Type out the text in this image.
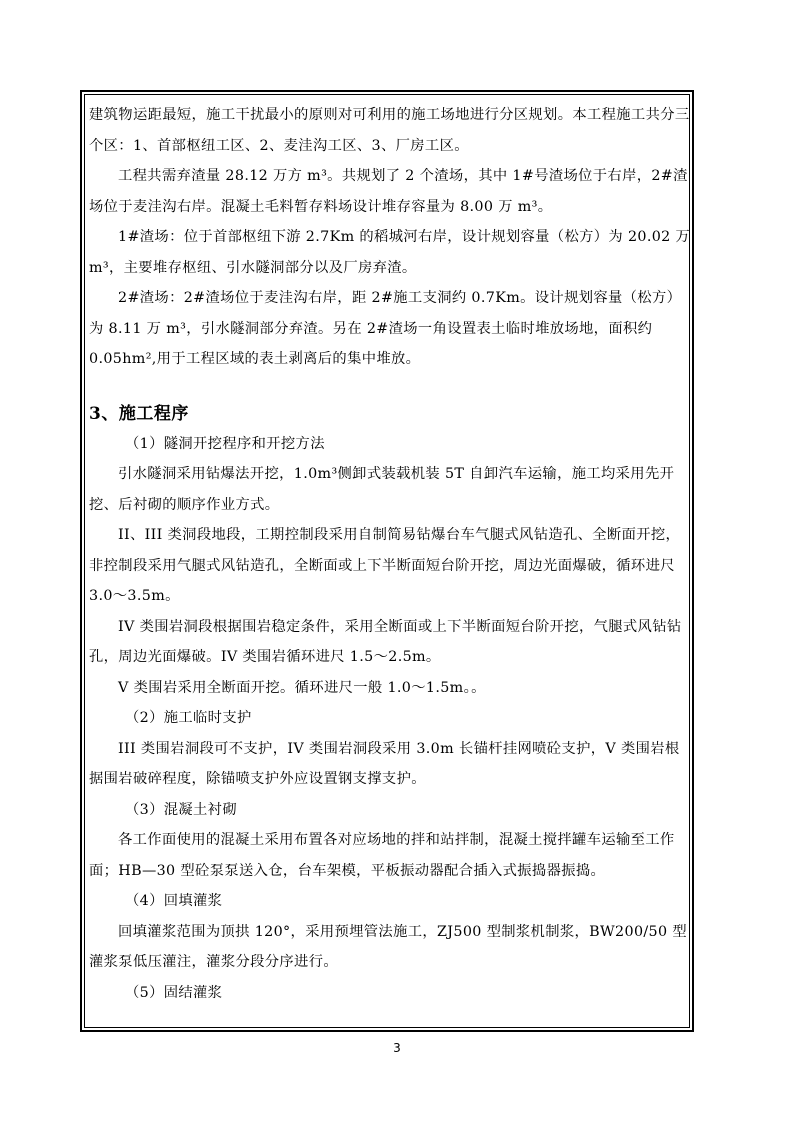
建筑物运距最短，施工干扰最小的原则对可利用的施工场地进行分区规划。本工程施工共分三个区：1、首部枢纽工区、2、麦洼沟工区、3、厂房工区。

工程共需弃渣量 28.12 万方 m³。共规划了 2 个渣场，其中 1#号渣场位于右岸，2#渣场位于麦洼沟右岸。混凝土毛料暂存料场设计堆存容量为 8.00 万 m³。

1#渣场：位于首部枢纽下游 2.7Km 的稻城河右岸，设计规划容量（松方）为 20.02 万 m³，主要堆存枢纽、引水隧洞部分以及厂房弃渣。

2#渣场：2#渣场位于麦洼沟右岸，距 2#施工支洞约 0.7Km。设计规划容量（松方）为 8.11 万 m³，引水隧洞部分弃渣。另在 2#渣场一角设置表土临时堆放场地，面积约 0.05hm²,用于工程区域的表土剥离后的集中堆放。

3、施工程序

（1）隧洞开挖程序和开挖方法

引水隧洞采用钻爆法开挖，1.0m³侧卸式装载机装 5T 自卸汽车运输，施工均采用先开挖、后衬砌的顺序作业方式。

II、III 类洞段地段，工期控制段采用自制简易钻爆台车气腿式风钻造孔、全断面开挖，非控制段采用气腿式风钻造孔，全断面或上下半断面短台阶开挖，周边光面爆破，循环进尺 3.0～3.5m。

IV 类围岩洞段根据围岩稳定条件，采用全断面或上下半断面短台阶开挖，气腿式风钻钻孔，周边光面爆破。IV 类围岩循环进尺 1.5～2.5m。

V 类围岩采用全断面开挖。循环进尺一般 1.0～1.5m。。

（2）施工临时支护

III 类围岩洞段可不支护，IV 类围岩洞段采用 3.0m 长锚杆挂网喷砼支护，V 类围岩根据围岩破碎程度，除锚喷支护外应设置钢支撑支护。

（3）混凝土衬砌

各工作面使用的混凝土采用布置各对应场地的拌和站拌制，混凝土搅拌罐车运输至工作面；HB—30 型砼泵泵送入仓，台车架模，平板振动器配合插入式振捣器振捣。

（4）回填灌浆

回填灌浆范围为顶拱 120°，采用预埋管法施工，ZJ500 型制浆机制浆，BW200/50 型灌浆泵低压灌注，灌浆分段分序进行。

（5）固结灌浆

3
